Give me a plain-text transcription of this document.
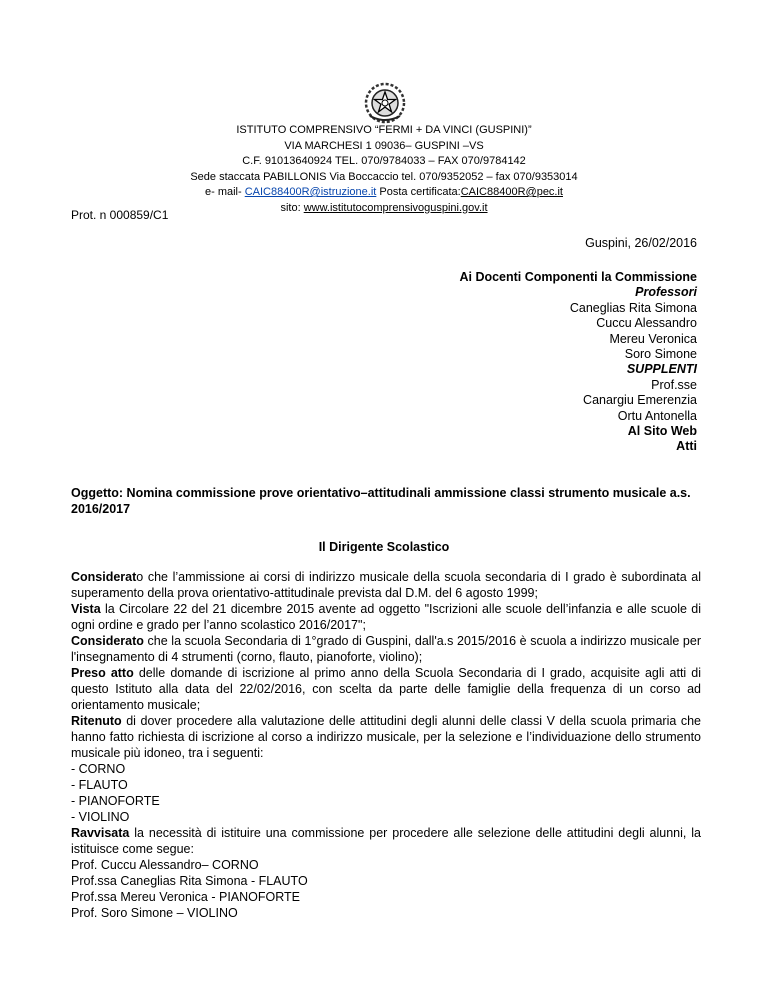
ISTITUTO COMPRENSIVO “FERMI + DA VINCI (GUSPINI)”
VIA MARCHESI 1 09036– GUSPINI –VS
C.F. 91013640924 TEL. 070/9784033 – FAX 070/9784142
Sede staccata PABILLONIS Via Boccaccio tel. 070/9352052 – fax 070/9353014
e- mail- CAIC88400R@istruzione.it Posta certificata:CAIC88400R@pec.it
sito: www.istitutocomprensivoguspini.gov.it
Prot. n 000859/C1
Guspini, 26/02/2016
Ai Docenti Componenti la Commissione
Professori
Caneglias Rita Simona
Cuccu Alessandro
Mereu Veronica
Soro Simone
SUPPLENTI
Prof.sse
Canargiu Emerenzia
Ortu Antonella
Al Sito Web
Atti
Oggetto: Nomina commissione prove orientativo–attitudinali ammissione classi strumento musicale a.s. 2016/2017
Il Dirigente Scolastico

Considerato che l’ammissione ai corsi di indirizzo musicale della scuola secondaria di I grado è subordinata al superamento della prova orientativo-attitudinale prevista dal D.M. del 6 agosto 1999;

Vista la Circolare 22 del 21 dicembre 2015 avente ad oggetto "Iscrizioni alle scuole dell’infanzia e alle scuole di ogni ordine e grado per l’anno scolastico 2016/2017";

Considerato che la scuola Secondaria di 1°grado di Guspini, dall'a.s 2015/2016 è scuola a indirizzo musicale per l'insegnamento di 4 strumenti (corno, flauto, pianoforte, violino);

Preso atto delle domande di iscrizione al primo anno della Scuola Secondaria di I grado, acquisite agli atti di questo Istituto alla data del 22/02/2016, con scelta da parte delle famiglie della frequenza di un corso ad orientamento musicale;

Ritenuto di dover procedere alla valutazione delle attitudini degli alunni delle classi V della scuola primaria che hanno fatto richiesta di iscrizione al corso a indirizzo musicale, per la selezione e l’individuazione dello strumento musicale più idoneo, tra i seguenti:

- CORNO
- FLAUTO
- PIANOFORTE
- VIOLINO

Ravvisata la necessità di istituire una commissione per procedere alle selezione delle attitudini degli alunni, la istituisce come segue:

Prof. Cuccu Alessandro– CORNO
Prof.ssa Caneglias Rita Simona - FLAUTO
Prof.ssa Mereu Veronica - PIANOFORTE
Prof. Soro Simone – VIOLINO
